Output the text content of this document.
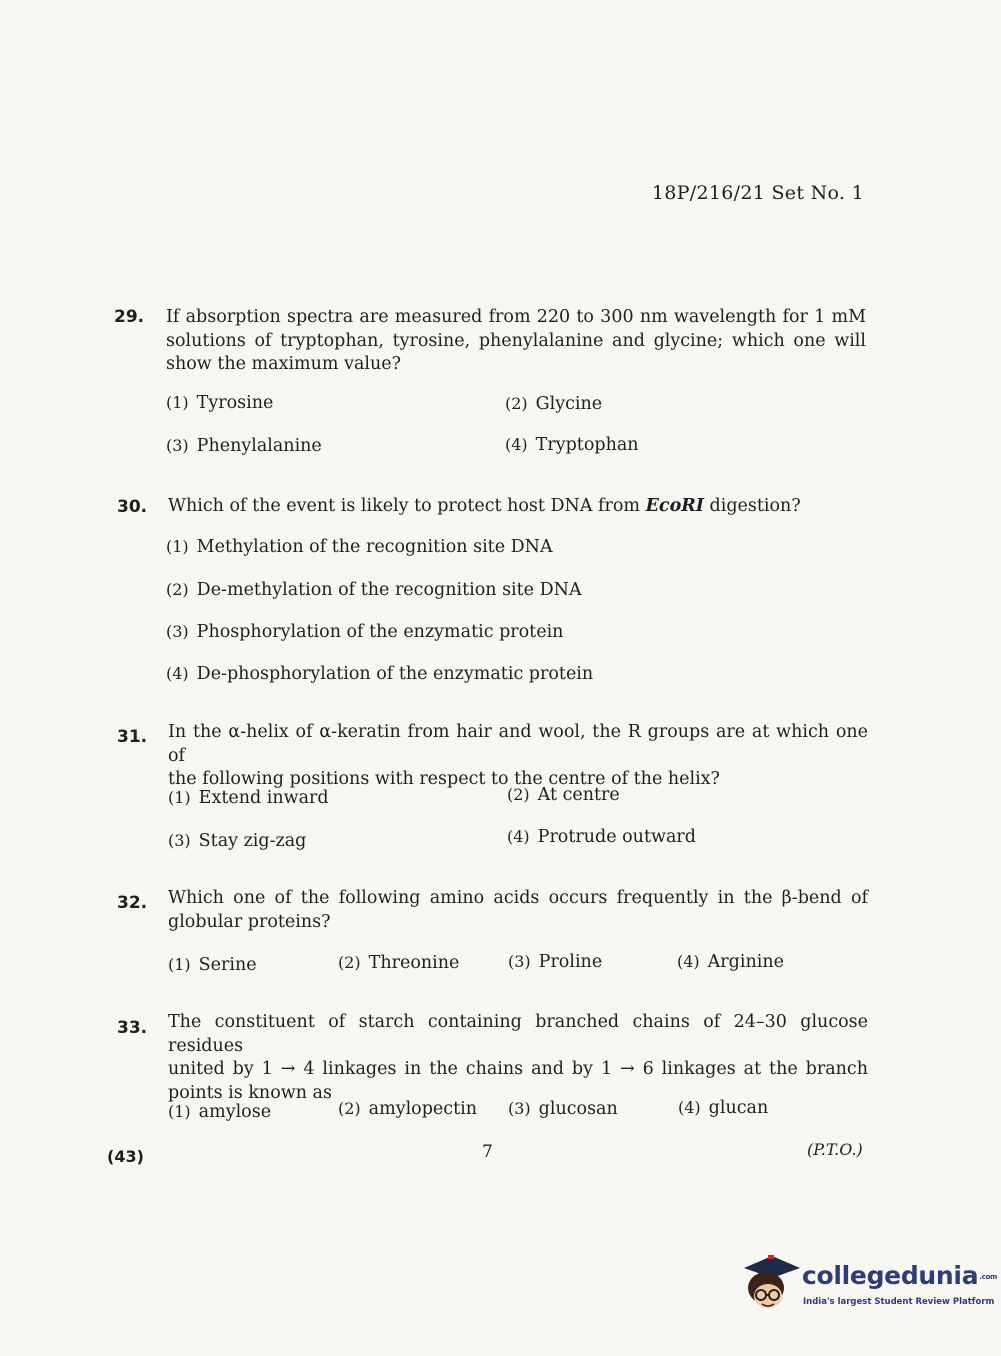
18P/216/21 Set No. 1
29. If absorption spectra are measured from 220 to 300 nm wavelength for 1 mM
solutions of tryptophan, tyrosine, phenylalanine and glycine; which one will
show the maximum value?
(1) Tyrosine	(2) Glycine
(3) Phenylalanine	(4) Tryptophan
30. Which of the event is likely to protect host DNA from EcoRI digestion?
(1) Methylation of the recognition site DNA
(2) De-methylation of the recognition site DNA
(3) Phosphorylation of the enzymatic protein
(4) De-phosphorylation of the enzymatic protein
31. In the α-helix of α-keratin from hair and wool, the R groups are at which one of
the following positions with respect to the centre of the helix?
(1) Extend inward	(2) At centre
(3) Stay zig-zag	(4) Protrude outward
32. Which one of the following amino acids occurs frequently in the β-bend of
globular proteins?
(1) Serine	(2) Threonine	(3) Proline	(4) Arginine
33. The constituent of starch containing branched chains of 24–30 glucose residues
united by 1 → 4 linkages in the chains and by 1 → 6 linkages at the branch
points is known as
(1) amylose	(2) amylopectin (3) glucosan	(4) glucan
(43)	7	(P.T.O.)
collegedunia.com
India's largest Student Review Platform
